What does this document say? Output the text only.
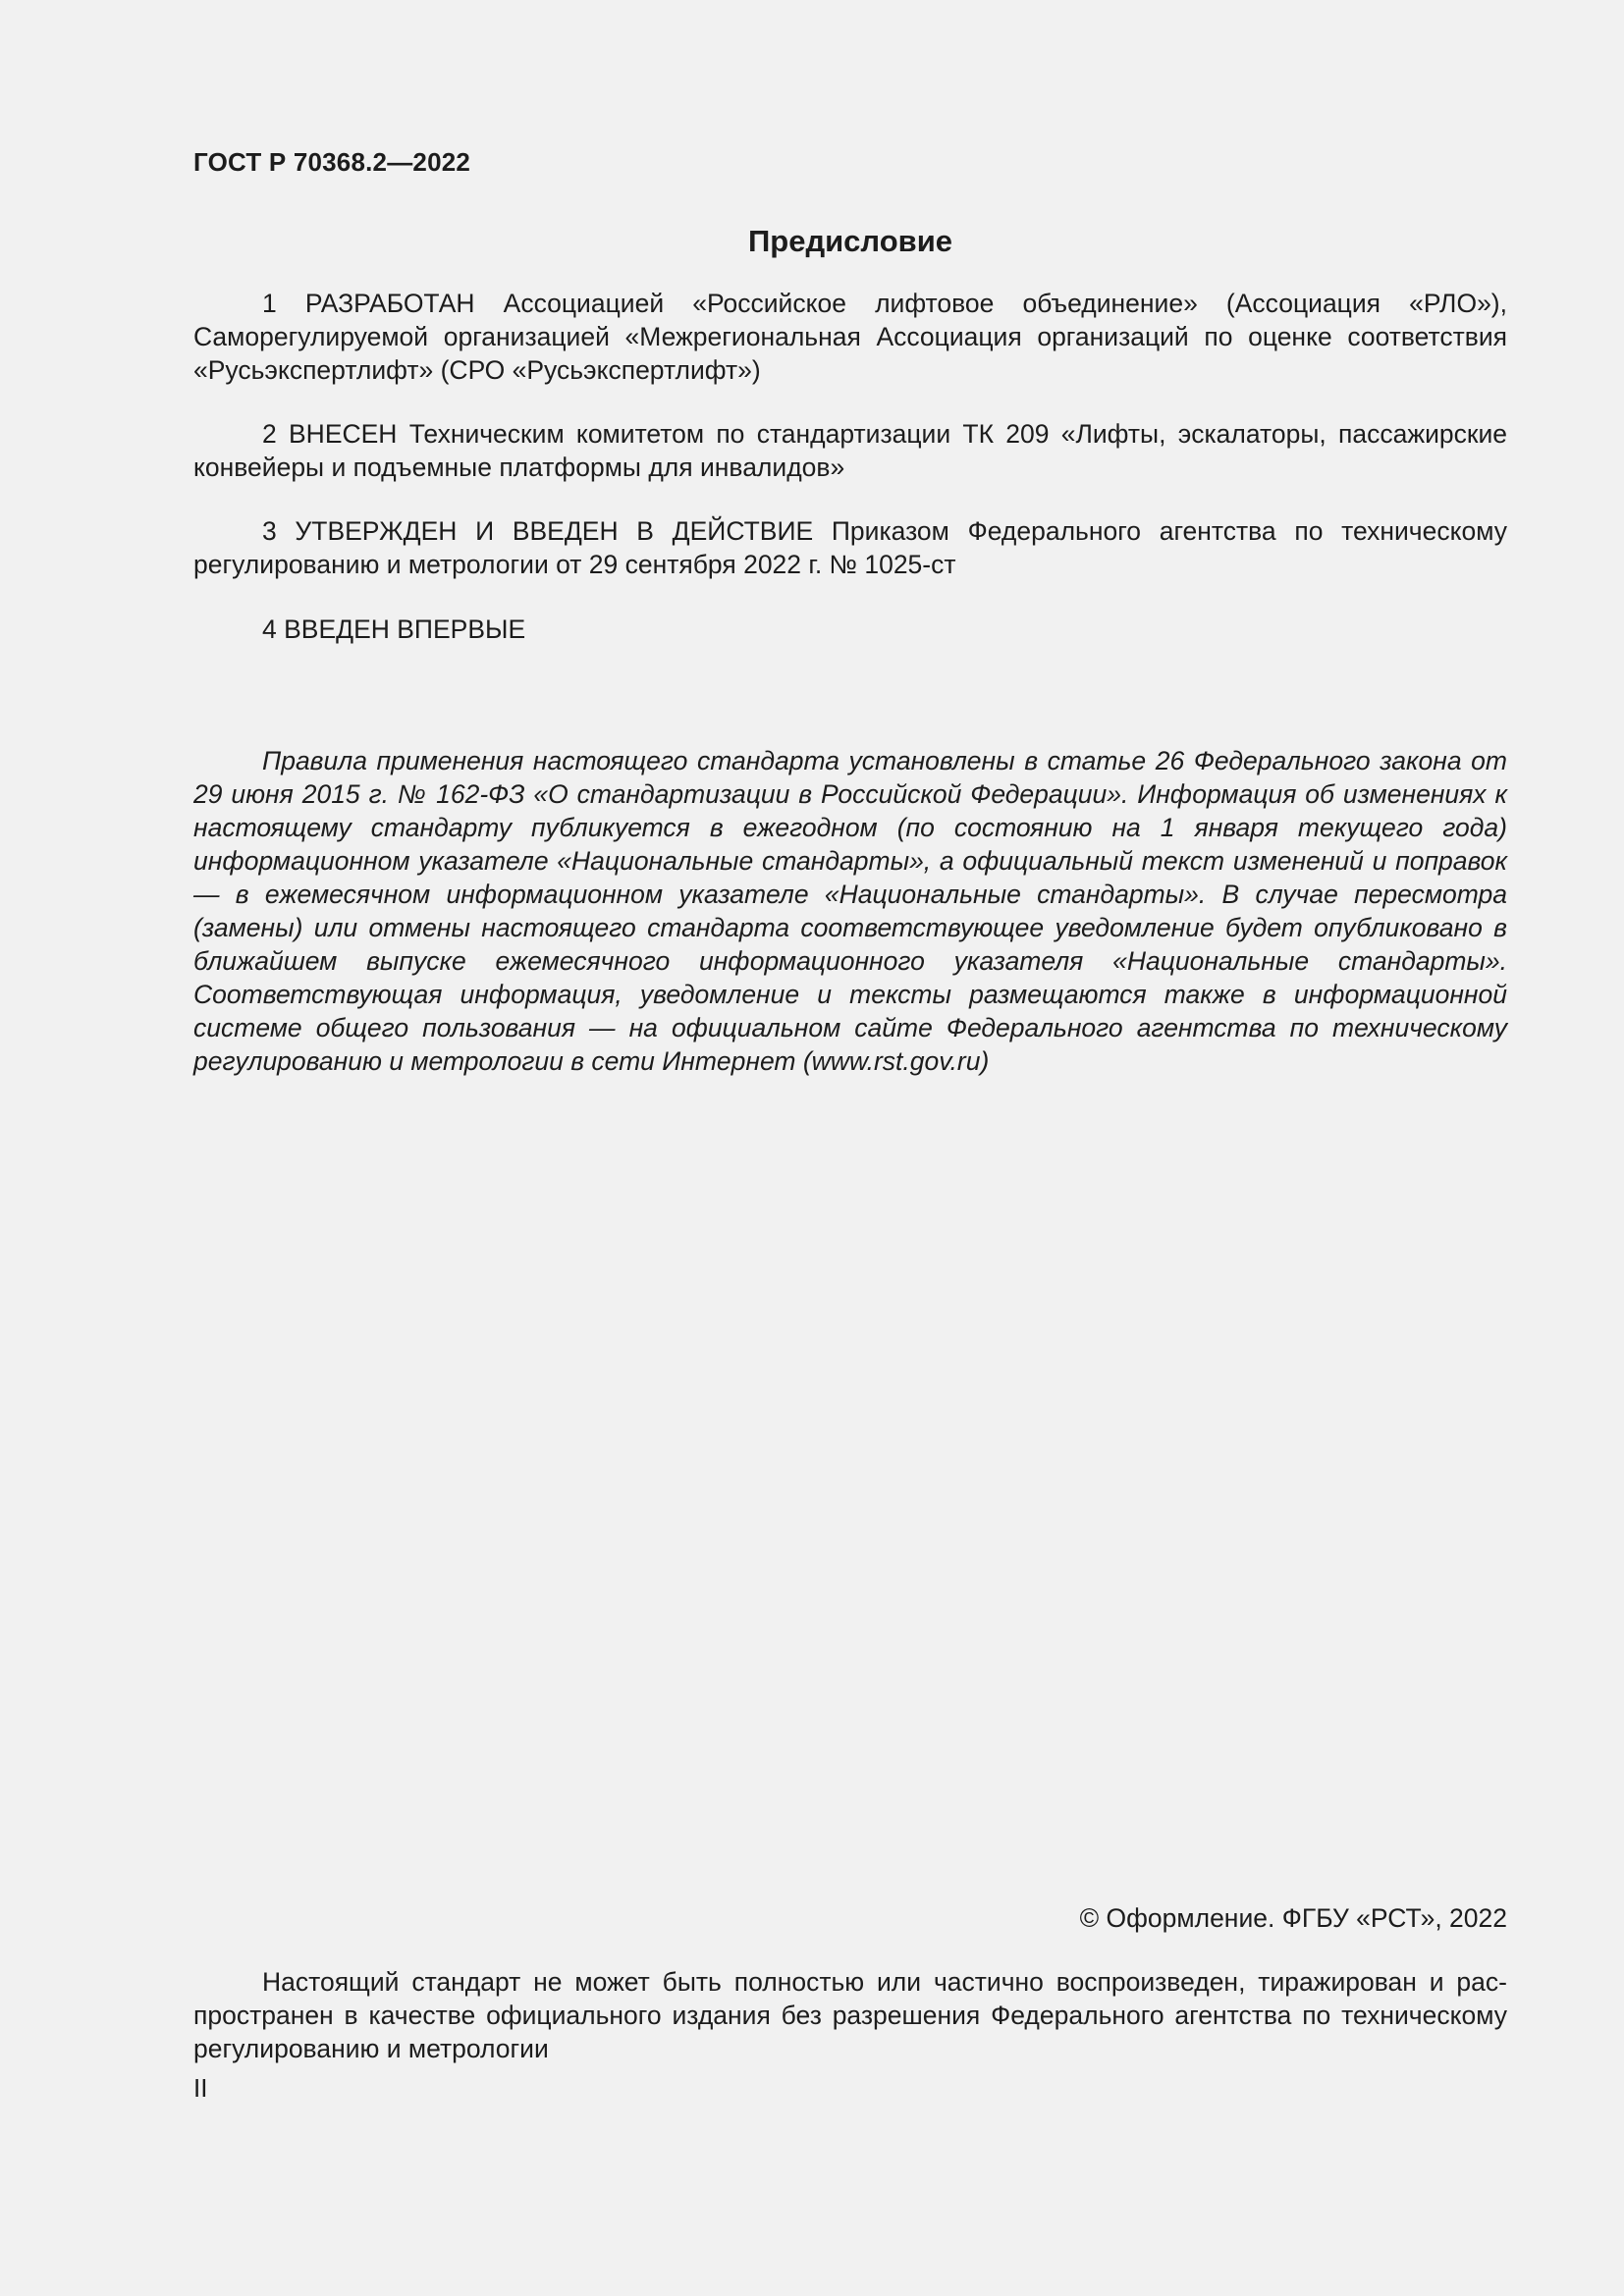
ГОСТ Р 70368.2—2022
Предисловие

1 РАЗРАБОТАН Ассоциацией «Российское лифтовое объединение» (Ассоциация «РЛО»), Саморегулируемой организацией «Межрегиональная Ассоциация организаций по оценке соответствия «Русьэкспертлифт» (СРО «Русьэкспертлифт»)

2 ВНЕСЕН Техническим комитетом по стандартизации ТК 209 «Лифты, эскалаторы, пассажирские конвейеры и подъемные платформы для инвалидов»

3 УТВЕРЖДЕН И ВВЕДЕН В ДЕЙСТВИЕ Приказом Федерального агентства по техническому регулированию и метрологии от 29 сентября 2022 г. № 1025-ст

4 ВВЕДЕН ВПЕРВЫЕ

Правила применения настоящего стандарта установлены в статье 26 Федерального закона от 29 июня 2015 г. № 162-ФЗ «О стандартизации в Российской Федерации». Информация об изменениях к настоящему стандарту публикуется в ежегодном (по состоянию на 1 января текущего года) информационном указателе «Национальные стандарты», а официальный текст изменений и поправок — в ежемесячном информационном указателе «Национальные стандарты». В случае пересмотра (замены) или отмены настоящего стандарта соответствующее уведомление будет опубликовано в ближайшем выпуске ежемесячного информационного указателя «Национальные стандарты». Соответствующая информация, уведомление и тексты размещаются также в информационной системе общего пользования — на официальном сайте Федерального агентства по техническому регулированию и метрологии в сети Интернет (www.rst.gov.ru)

© Оформление. ФГБУ «РСТ», 2022

Настоящий стандарт не может быть полностью или частично воспроизведен, тиражирован и распространен в качестве официального издания без разрешения Федерального агентства по техническому регулированию и метрологии

II
